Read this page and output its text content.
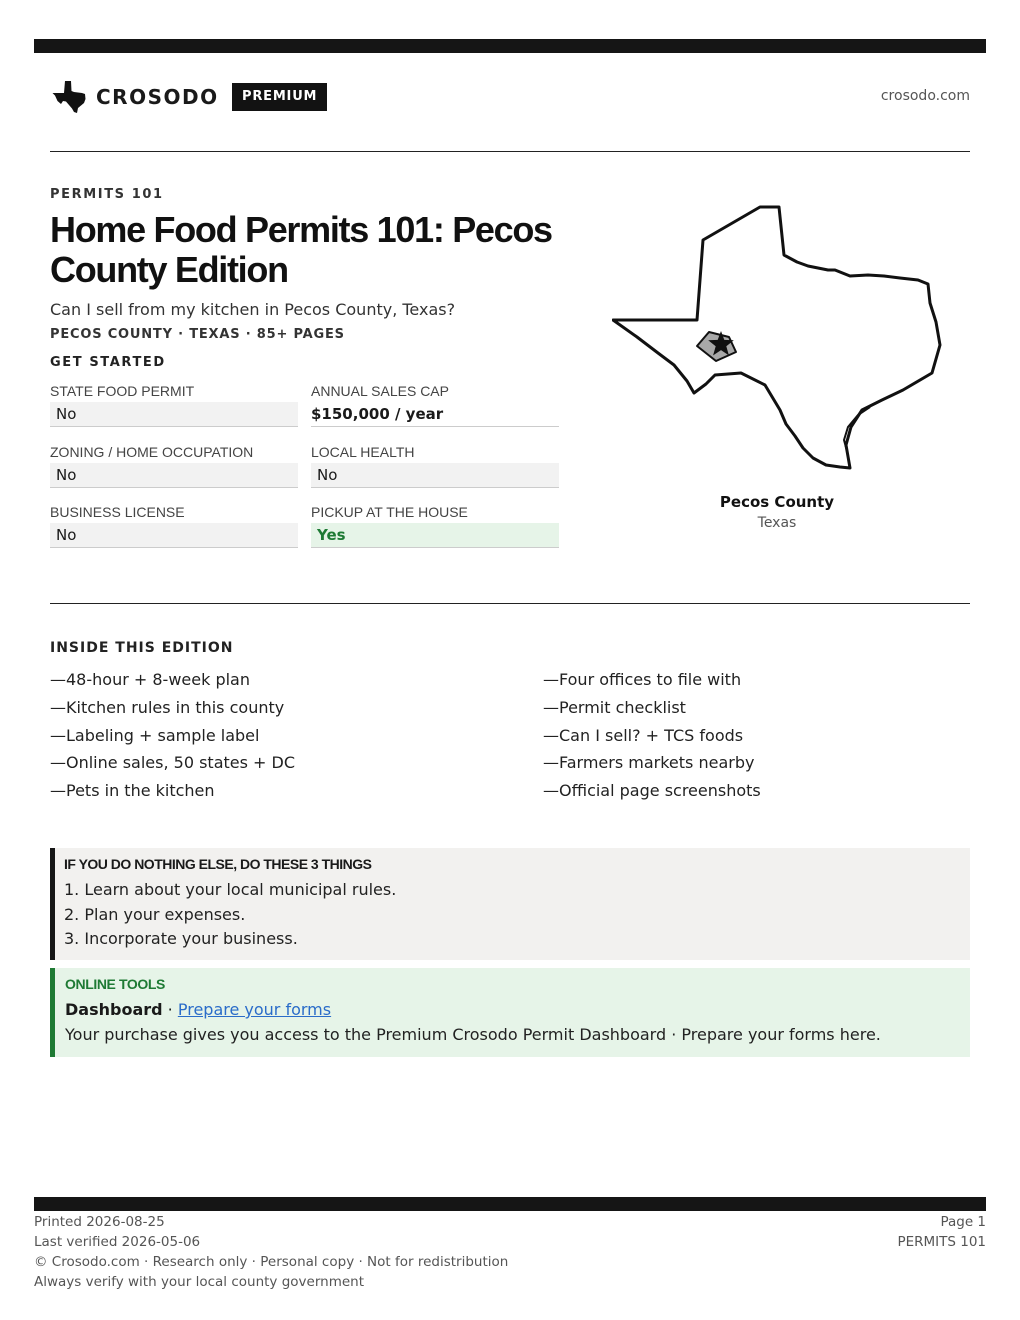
CROSODO	PREMIUM	crosodo.com
PERMITS 101
Home Food Permits 101: Pecos County Edition
Can I sell from my kitchen in Pecos County, Texas?
PECOS COUNTY · TEXAS · 85+ PAGES
GET STARTED
STATE FOOD PERMIT
No
ANNUAL SALES CAP
$150,000 / year
ZONING / HOME OCCUPATION
No
LOCAL HEALTH
No
BUSINESS LICENSE
No
PICKUP AT THE HOUSE
Yes
Pecos County
Texas
INSIDE THIS EDITION
—48-hour + 8-week plan
—Kitchen rules in this county
—Labeling + sample label
—Online sales, 50 states + DC
—Pets in the kitchen
—Four offices to file with
—Permit checklist
—Can I sell? + TCS foods
—Farmers markets nearby
—Official page screenshots
IF YOU DO NOTHING ELSE, DO THESE 3 THINGS
1. Learn about your local municipal rules.
2. Plan your expenses.
3. Incorporate your business.
ONLINE TOOLS
Dashboard · Prepare your forms
Your purchase gives you access to the Premium Crosodo Permit Dashboard · Prepare your forms here.
Printed 2026-08-25
Last verified 2026-05-06
© Crosodo.com · Research only · Personal copy · Not for redistribution
Always verify with your local county government
Page 1
PERMITS 101
